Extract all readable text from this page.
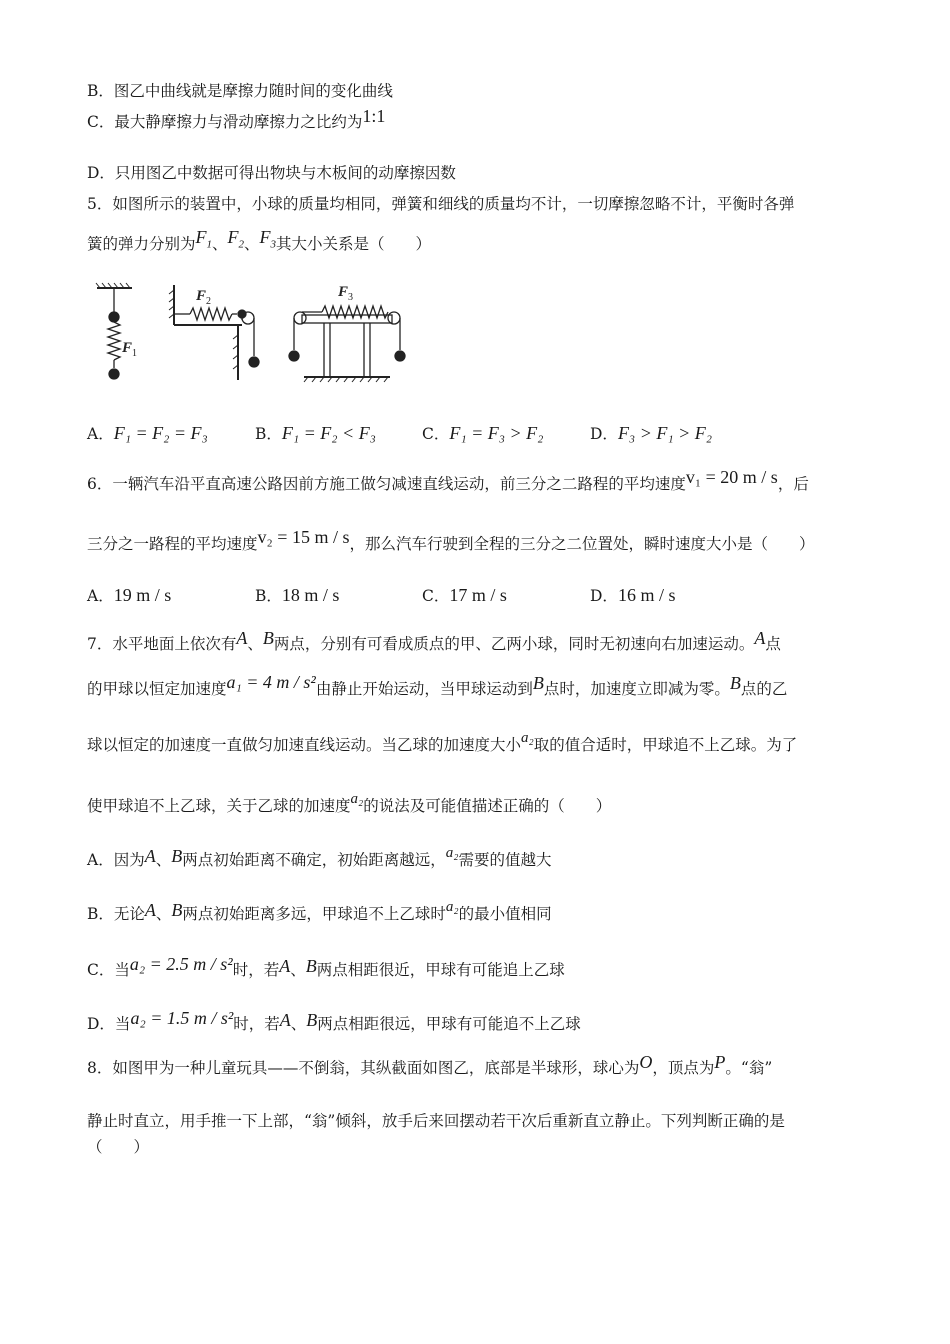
B．图乙中曲线就是摩擦力随时间的变化曲线
C．最大静摩擦力与滑动摩擦力之比约为1:1
D．只用图乙中数据可得出物块与木板间的动摩擦因数
5．如图所示的装置中，小球的质量均相同，弹簧和细线的质量均不计，一切摩擦忽略不计，平衡时各弹
簧的弹力分别为$F_1$、$F_2$、$F_3$其大小关系是（　　）
F 1
F 2
F 3
A．F₁ = F₂ = F₃	B．F₁ = F₂ < F₃	C．F₁ = F₃ > F₂	D．F₃ > F₁ > F₂
6．一辆汽车沿平直高速公路因前方施工做匀减速直线运动，前三分之二路程的平均速度v₁ = 20 m / s，后
三分之一路程的平均速度v₂ = 15 m / s，那么汽车行驶到全程的三分之二位置处，瞬时速度大小是（　　）
A．19 m / s	B．18 m / s	C．17 m / s	D．16 m / s
7．水平地面上依次有A、B两点，分别有可看成质点的甲、乙两小球，同时无初速向右加速运动。A点
的甲球以恒定加速度a₁ = 4 m / s²由静止开始运动，当甲球运动到B点时，加速度立即减为零。B点的乙
球以恒定的加速度一直做匀加速直线运动。当乙球的加速度大小a₂取的值合适时，甲球追不上乙球。为了
使甲球追不上乙球，关于乙球的加速度a₂的说法及可能值描述正确的（　　）
A．因为A、B两点初始距离不确定，初始距离越远，a₂需要的值越大
B．无论A、B两点初始距离多远，甲球追不上乙球时a₂的最小值相同
C．当a₂ = 2.5 m / s²时，若A、B两点相距很近，甲球有可能追上乙球
D．当a₂ = 1.5 m / s²时，若A、B两点相距很远，甲球有可能追不上乙球
8．如图甲为一种儿童玩具——不倒翁，其纵截面如图乙，底部是半球形，球心为O，顶点为P。“翁”
静止时直立，用手推一下上部，“翁”倾斜，放手后来回摆动若干次后重新直立静止。下列判断正确的是
（　　）
